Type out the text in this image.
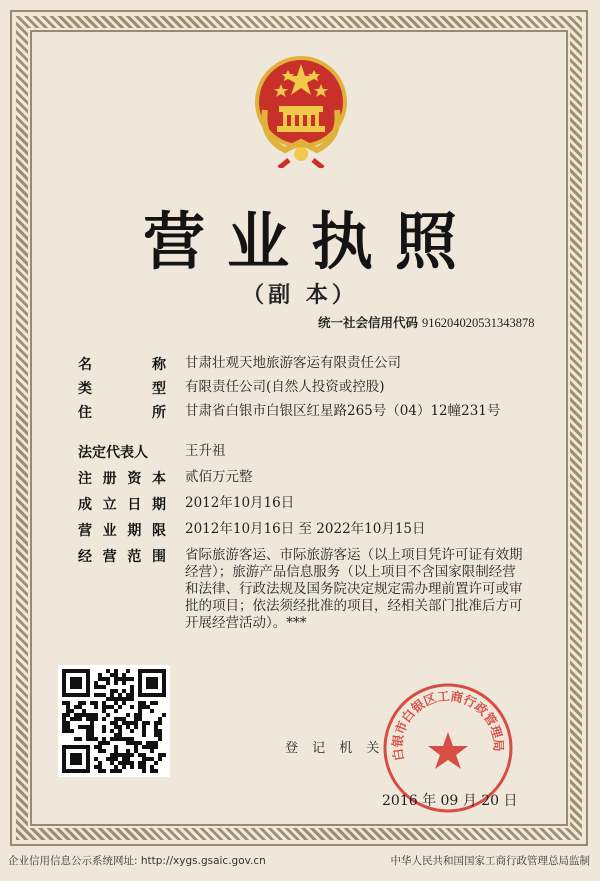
营业执照
（副 本）
统一社会信用代码 916204020531343878
名	称 甘肃壮观天地旅游客运有限责任公司
类	型 有限责任公司(自然人投资或控股)
住	所 甘肃省白银市白银区红星路265号（04）12幢231号
法定代表人	王升祖
注 册 资 本 贰佰万元整
成 立 日 期 2012年10月16日
营 业 期 限 2012年10月16日 至 2022年10月15日
经 营 范 围 省际旅游客运、市际旅游客运（以上项目凭许可证有效期经营）；旅游产品信息服务（以上项目不含国家限制经营和法律、行政法规及国务院决定规定需办理前置许可或审批的项目；依法须经批准的项目，经相关部门批准后方可开展经营活动）。***
白银市白银区工商行政管理局
登 记 机 关
2016 年 09 月 20 日
企业信用信息公示系统网址: http://xygs.gsaic.gov.cn	中华人民共和国国家工商行政管理总局监制
